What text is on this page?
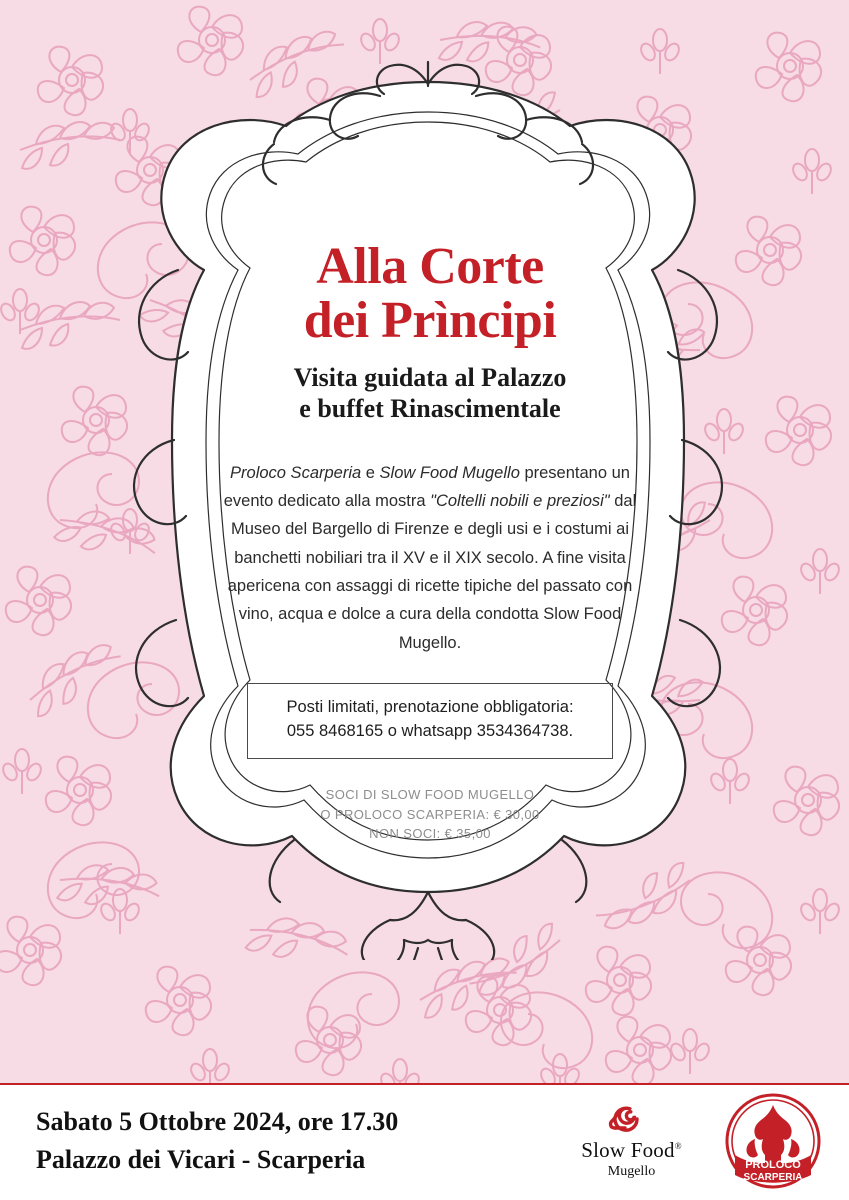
Alla Corte
dei Prìncipi
Visita guidata al Palazzo
e buffet Rinascimentale

Proloco Scarperia e Slow Food Mugello presentano un evento dedicato alla mostra "Coltelli nobili e preziosi" dal Museo del Bargello di Firenze e degli usi e i costumi ai banchetti nobiliari tra il XV e il XIX secolo. A fine visita apericena con assaggi di ricette tipiche del passato con vino, acqua e dolce a cura della condotta Slow Food Mugello.

Posti limitati, prenotazione obbligatoria:
055 8468165 o whatsapp 3534364738.
SOCI DI SLOW FOOD MUGELLO
O PROLOCO SCARPERIA: € 30,00
NON SOCI: € 35,00
Sabato 5 Ottobre 2024, ore 17.30
Palazzo dei Vicari - Scarperia	Slow Food®
Mugello	PROLOCO
SCARPERIA
